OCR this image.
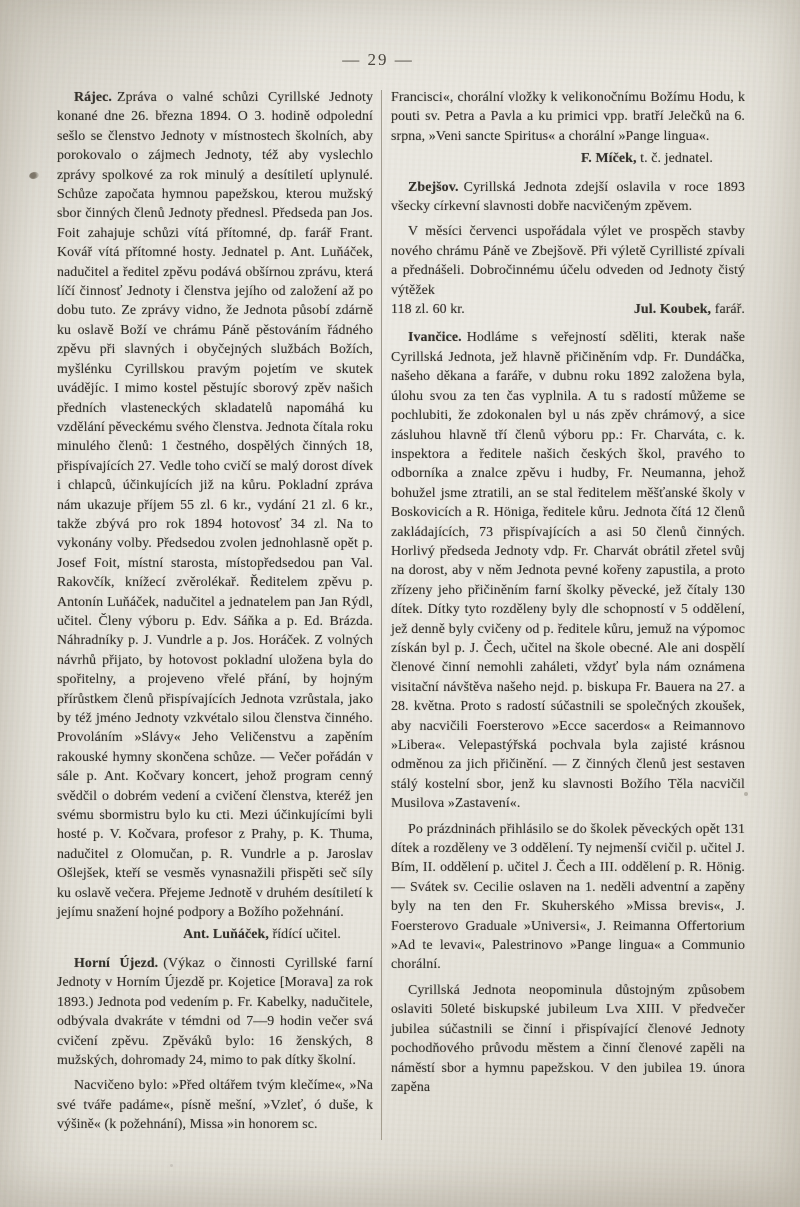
— 29 —

Rájec. Zpráva o valné schůzi Cyrillské Jednoty konané dne 26. března 1894. O 3. hodině odpolední sešlo se členstvo Jednoty v místnostech školních, aby porokovalo o zájmech Jednoty, též aby vyslechlo zprávy spolkové za rok minulý a desítiletí uplynulé. Schůze započata hymnou papežskou, kterou mužský sbor činných členů Jednoty přednesl. Předseda pan Jos. Foit zahajuje schůzi vítá přítomné, dp. farář Frant. Kovář vítá přítomné hosty. Jednatel p. Ant. Luňáček, nadučitel a ředitel zpěvu podává obšírnou zprávu, která líčí činnosť Jednoty i členstva jejího od založení až po dobu tuto. Ze zprávy vidno, že Jednota působí zdárně ku oslavě Boží ve chrámu Páně pěstováním řádného zpěvu při slavných i obyčejných službách Božích, myšlénku Cyrillskou pravým pojetím ve skutek uvádějíc. I mimo kostel pěstujíc sborový zpěv našich předních vlasteneckých skladatelů napomáhá ku vzdělání pěveckému svého členstva. Jednota čítala roku minulého členů: 1 čestného, dospělých činných 18, přispívajících 27. Vedle toho cvičí se malý dorost dívek i chlapců, účinkujících již na kůru. Pokladní zpráva nám ukazuje příjem 55 zl. 6 kr., vydání 21 zl. 6 kr., takže zbývá pro rok 1894 hotovosť 34 zl. Na to vykonány volby. Předsedou zvolen jednohlasně opět p. Josef Foit, místní starosta, místopředsedou pan Val. Rakovčík, knížecí zvěrolékař. Ředitelem zpěvu p. Antonín Luňáček, nadučitel a jednatelem pan Jan Rýdl, učitel. Členy výboru p. Edv. Sáňka a p. Ed. Brázda. Náhradníky p. J. Vundrle a p. Jos. Horáček. Z volných návrhů přijato, by hotovost pokladní uložena byla do spořitelny, a projeveno vřelé přání, by hojným přírůstkem členů přispívajících Jednota vzrůstala, jako by též jméno Jednoty vzkvétalo silou členstva činného. Provoláním »Slávy« Jeho Veličenstvu a zapěním rakouské hymny skončena schůze. — Večer pořádán v sále p. Ant. Kočvary koncert, jehož program cenný svědčil o dobrém vedení a cvičení členstva, kteréž jen svému sbormistru bylo ku cti. Mezi účinkujícími byli hosté p. V. Kočvara, profesor z Prahy, p. K. Thuma, nadučitel z Olomučan, p. R. Vundrle a p. Jaroslav Ošlejšek, kteří se vesměs vynasnažili přispěti seč síly ku oslavě večera. Přejeme Jednotě v druhém desítiletí k jejímu snažení hojné podpory a Božího požehnání.

Ant. Luňáček, řídící učitel.

Horní Újezd. (Výkaz o činnosti Cyrillské farní Jednoty v Horním Újezdě pr. Kojetice [Morava] za rok 1893.) Jednota pod vedením p. Fr. Kabelky, nadučitele, odbývala dvakráte v témdni od 7—9 hodin večer svá cvičení zpěvu. Zpěváků bylo: 16 ženských, 8 mužských, dohromady 24, mimo to pak dítky školní.

Nacvičeno bylo: »Před oltářem tvým klečíme«, »Na své tváře padáme«, písně mešní, »Vzleť, ó duše, k výšině« (k požehnání), Missa »in honorem sc.

Francisci«, chorální vložky k velikonočnímu Božímu Hodu, k pouti sv. Petra a Pavla a ku primici vpp. bratří Jelečků na 6. srpna, »Veni sancte Spiritus« a chorální »Pange lingua«.

F. Míček, t. č. jednatel.

Zbejšov. Cyrillská Jednota zdejší oslavila v roce 1893 všecky církevní slavnosti dobře nacvičeným zpěvem.

V měsíci červenci uspořádala výlet ve prospěch stavby nového chrámu Páně ve Zbejšově. Při výletě Cyrillisté zpívali a přednášeli. Dobročinnému účelu odveden od Jednoty čistý výtěžek

118 zl. 60 kr.	Jul. Koubek, farář.

Ivančice. Hodláme s veřejností sděliti, kterak naše Cyrillská Jednota, jež hlavně přičiněním vdp. Fr. Dundáčka, našeho děkana a faráře, v dubnu roku 1892 založena byla, úlohu svou za ten čas vyplnila. A tu s radostí můžeme se pochlubiti, že zdokonalen byl u nás zpěv chrámový, a sice zásluhou hlavně tří členů výboru pp.: Fr. Charváta, c. k. inspektora a ředitele našich českých škol, pravého to odborníka a znalce zpěvu i hudby, Fr. Neumanna, jehož bohužel jsme ztratili, an se stal ředitelem měšťanské školy v Boskovicích a R. Höniga, ředitele kůru. Jednota čítá 12 členů zakládajících, 73 přispívajících a asi 50 členů činných. Horlivý předseda Jednoty vdp. Fr. Charvát obrátil zřetel svůj na dorost, aby v něm Jednota pevné kořeny zapustila, a proto zřízeny jeho přičiněním farní školky pěvecké, jež čítaly 130 dítek. Dítky tyto rozděleny byly dle schopností v 5 oddělení, jež denně byly cvičeny od p. ředitele kůru, jemuž na výpomoc získán byl p. J. Čech, učitel na škole obecné. Ale ani dospělí členové činní nemohli zaháleti, vždyť byla nám oznámena visitační návštěva našeho nejd. p. biskupa Fr. Bauera na 27. a 28. května. Proto s radostí súčastnili se společných zkoušek, aby nacvičili Foersterovo »Ecce sacerdos« a Reimannovo »Libera«. Velepastýřská pochvala byla zajisté krásnou odměnou za jich přičinění. — Z činných členů jest sestaven stálý kostelní sbor, jenž ku slavnosti Božího Těla nacvičil Musilova »Zastavení«.

Po prázdninách přihlásilo se do školek pěveckých opět 131 dítek a rozděleny ve 3 oddělení. Ty nejmenší cvičil p. učitel J. Bím, II. oddělení p. učitel J. Čech a III. oddělení p. R. Hönig. — Svátek sv. Cecilie oslaven na 1. neděli adventní a zapěny byly na ten den Fr. Skuherského »Missa brevis«, J. Foersterovo Graduale »Universi«, J. Reimanna Offertorium »Ad te levavi«, Palestrinovo »Pange lingua« a Communio chorální.

Cyrillská Jednota neopominula důstojným způsobem oslaviti 50leté biskupské jubileum Lva XIII. V předvečer jubilea súčastnili se činní i přispívající členové Jednoty pochodňového průvodu městem a činní členové zapěli na náměstí sbor a hymnu papežskou. V den jubilea 19. února zapěna
